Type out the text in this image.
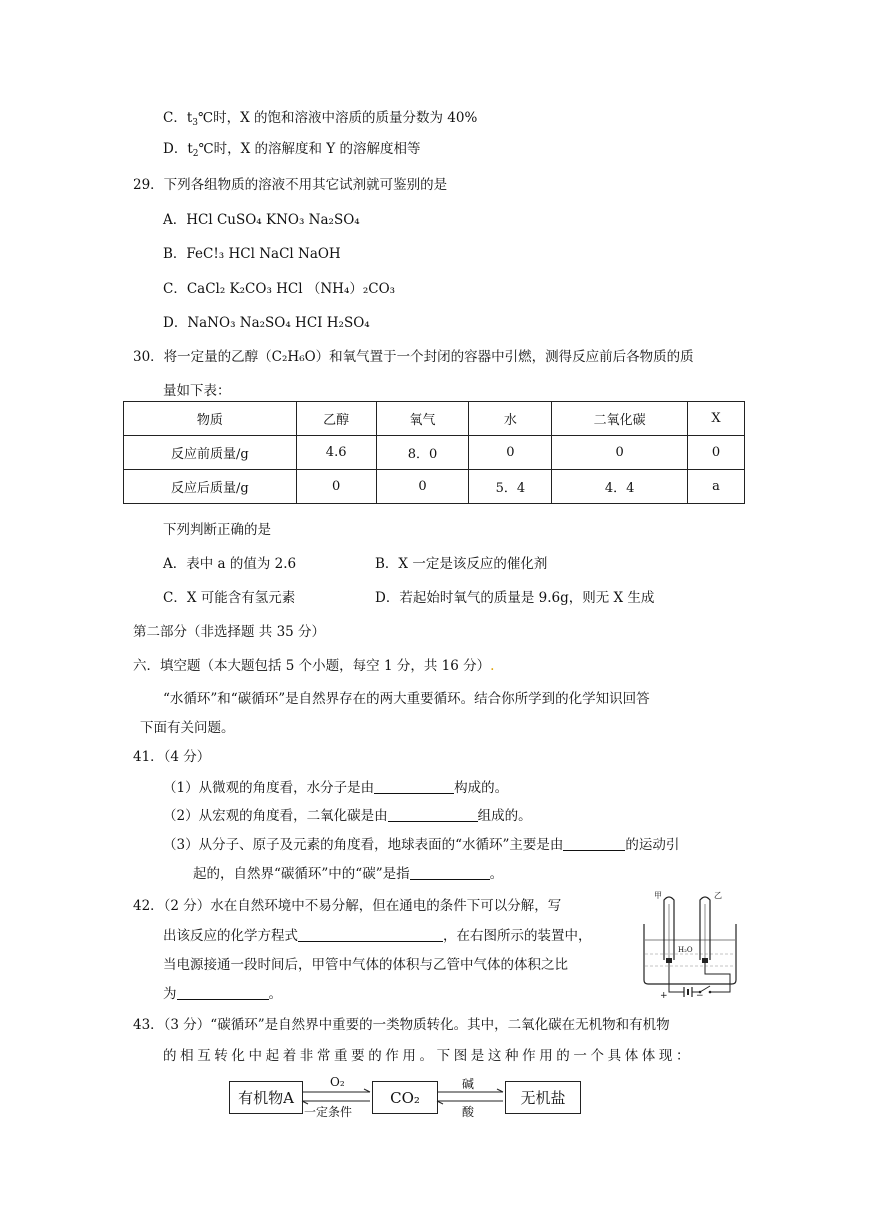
C．$t_3℃$时，X 的饱和溶液中溶质的质量分数为 40%
D．$t_2℃$时，X 的溶解度和 Y 的溶解度相等
29．下列各组物质的溶液不用其它试剂就可鉴别的是
A．HCl CuSO₄ KNO₃ Na₂SO₄
B．FeC!₃ HCl NaCl NaOH
C．CaCl₂ K₂CO₃ HCl （NH₄）₂CO₃
D．NaNO₃ Na₂SO₄ HCI H₂SO₄
30．将一定量的乙醇（C₂H₆O）和氧气置于一个封闭的容器中引燃，测得反应前后各物质的质
量如下表：
物质	乙醇	氧气	水	二氧化碳	X
反应前质量/g	4.6	8．0	0	0	0
反应后质量/g	0	0	5．4	4．4	a
下列判断正确的是
A．表中 a 的值为 2.6	B．X 一定是该反应的催化剂
C．X 可能含有氢元素	D．若起始时氧气的质量是 9.6g，则无 X 生成
第二部分（非选择题 共 35 分）
六．填空题（本大题包括 5 个小题，每空 1 分，共 16 分）.
“水循环”和“碳循环”是自然界存在的两大重要循环。结合你所学到的化学知识回答
下面有关问题。
41．（4 分）
（1）从微观的角度看，水分子是由	构成的。
（2）从宏观的角度看，二氧化碳是由	组成的。
（3）从分子、原子及元素的角度看，地球表面的“水循环”主要是由	的运动引
起的，自然界“碳循环”中的“碳”是指	。
42．（2 分）水在自然环境中不易分解，但在通电的条件下可以分解，写
出该反应的化学方程式	，在右图所示的装置中，
当电源接通一段时间后，甲管中气体的体积与乙管中气体的体积之比
为	。
甲	乙
H₂O
+	−
43．（3 分）“碳循环”是自然界中重要的一类物质转化。其中，二氧化碳在无机物和有机物
的相互转化中起着非常重要的作用。下图是这种作用的一个具体体现：
有机物A	CO₂	无机盐
O₂
一定条件
碱
酸
